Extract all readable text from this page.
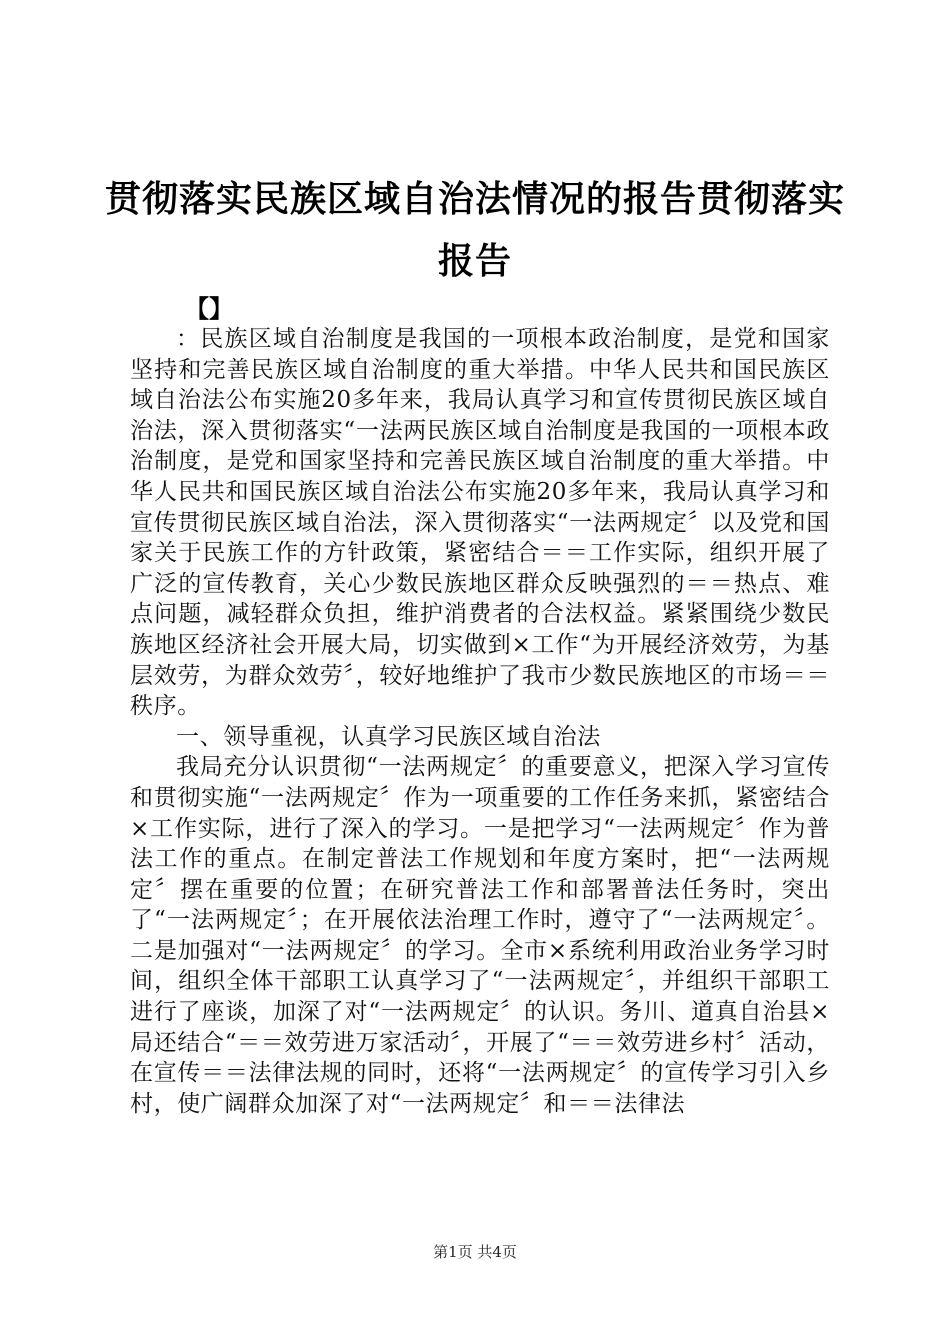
贯彻落实民族区域自治法情况的报告贯彻落实
报告
【】

：民族区域自治制度是我国的一项根本政治制度，是党和国家坚持和完善民族区域自治制度的重大举措。中华人民共和国民族区域自治法公布实施20多年来，我局认真学习和宣传贯彻民族区域自治法，深入贯彻落实“一法两民族区域自治制度是我国的一项根本政治制度，是党和国家坚持和完善民族区域自治制度的重大举措。中华人民共和国民族区域自治法公布实施20多年来，我局认真学习和宣传贯彻民族区域自治法，深入贯彻落实“一法两规定〞以及党和国家关于民族工作的方针政策，紧密结合＝＝工作实际，组织开展了广泛的宣传教育，关心少数民族地区群众反映强烈的＝＝热点、难点问题，减轻群众负担，维护消费者的合法权益。紧紧围绕少数民族地区经济社会开展大局，切实做到×工作“为开展经济效劳，为基层效劳，为群众效劳〞，较好地维护了我市少数民族地区的市场＝＝秩序。

一、领导重视，认真学习民族区域自治法

我局充分认识贯彻“一法两规定〞的重要意义，把深入学习宣传和贯彻实施“一法两规定〞作为一项重要的工作任务来抓，紧密结合×工作实际，进行了深入的学习。一是把学习“一法两规定〞作为普法工作的重点。在制定普法工作规划和年度方案时，把“一法两规定〞摆在重要的位置；在研究普法工作和部署普法任务时，突出了“一法两规定〞；在开展依法治理工作时，遵守了“一法两规定〞。二是加强对“一法两规定〞的学习。全市×系统利用政治业务学习时间，组织全体干部职工认真学习了“一法两规定〞，并组织干部职工进行了座谈，加深了对“一法两规定〞的认识。务川、道真自治县×局还结合“＝＝效劳进万家活动〞，开展了“＝＝效劳进乡村〞活动，在宣传＝＝法律法规的同时，还将“一法两规定〞的宣传学习引入乡村，使广阔群众加深了对“一法两规定〞和＝＝法律法

第1页 共4页
